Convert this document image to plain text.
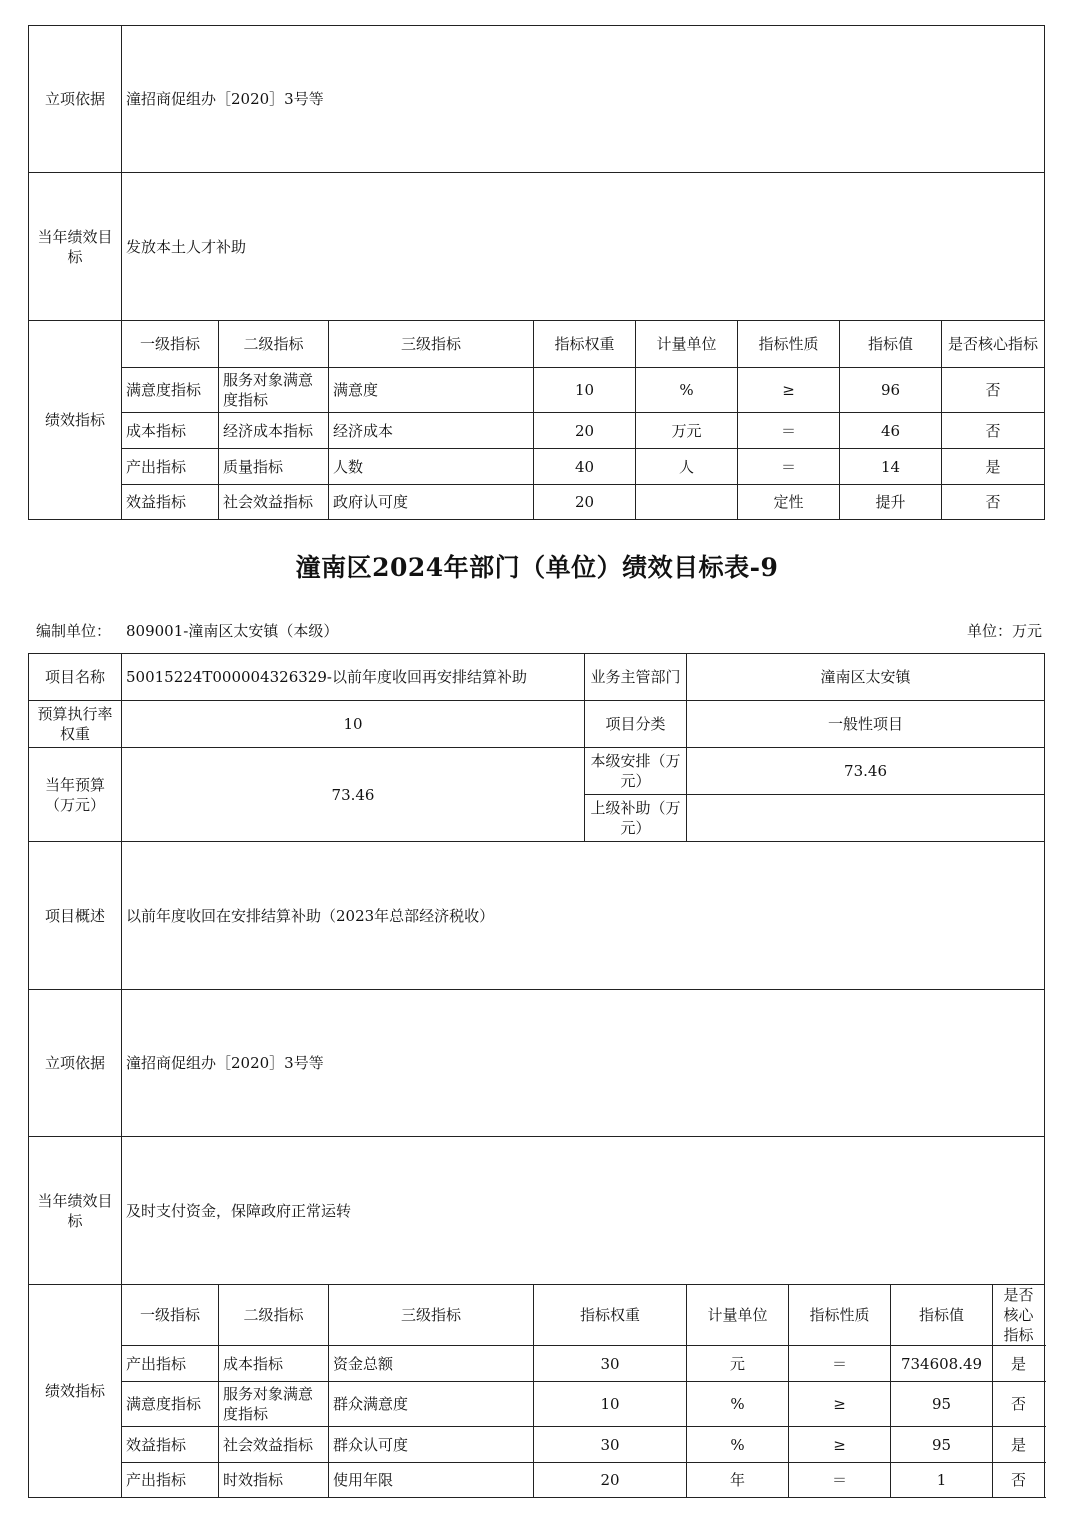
立项依据	潼招商促组办［2020］3号等							
当年绩效目标	发放本土人才补助							
绩效指标	一级指标	二级指标	三级指标	指标权重	计量单位	指标性质	指标值	是否核心指标
	满意度指标	服务对象满意度指标	满意度	10	%	≥	96	否
	成本指标	经济成本指标	经济成本	20	万元	＝	46	否
	产出指标	质量指标	人数	40	人	＝	14	是
	效益指标	社会效益指标	政府认可度	20		定性	提升	否
潼南区2024年部门（单位）绩效目标表-9
编制单位： 809001-潼南区太安镇（本级）	单位：万元
项目名称	50015224T000004326329-以前年度收回再安排结算补助				业务主管部门	潼南区太安镇			
预算执行率权重	10				项目分类	一般性项目			
当年预算（万元）	73.46				本级安排（万元）	73.46			
					上级补助（万元）				
项目概述	以前年度收回在安排结算补助（2023年总部经济税收）								
立项依据	潼招商促组办［2020］3号等								
当年绩效目标	及时支付资金，保障政府正常运转								
绩效指标	一级指标	二级指标	三级指标	指标权重		计量单位	指标性质	指标值	是否核心指标
	产出指标	成本指标	资金总额	30		元	＝	734608.49	是
	满意度指标	服务对象满意度指标	群众满意度	10		%	≥	95	否
	效益指标	社会效益指标	群众认可度	30		%	≥	95	是
	产出指标	时效指标	使用年限	20		年	＝	1	否
